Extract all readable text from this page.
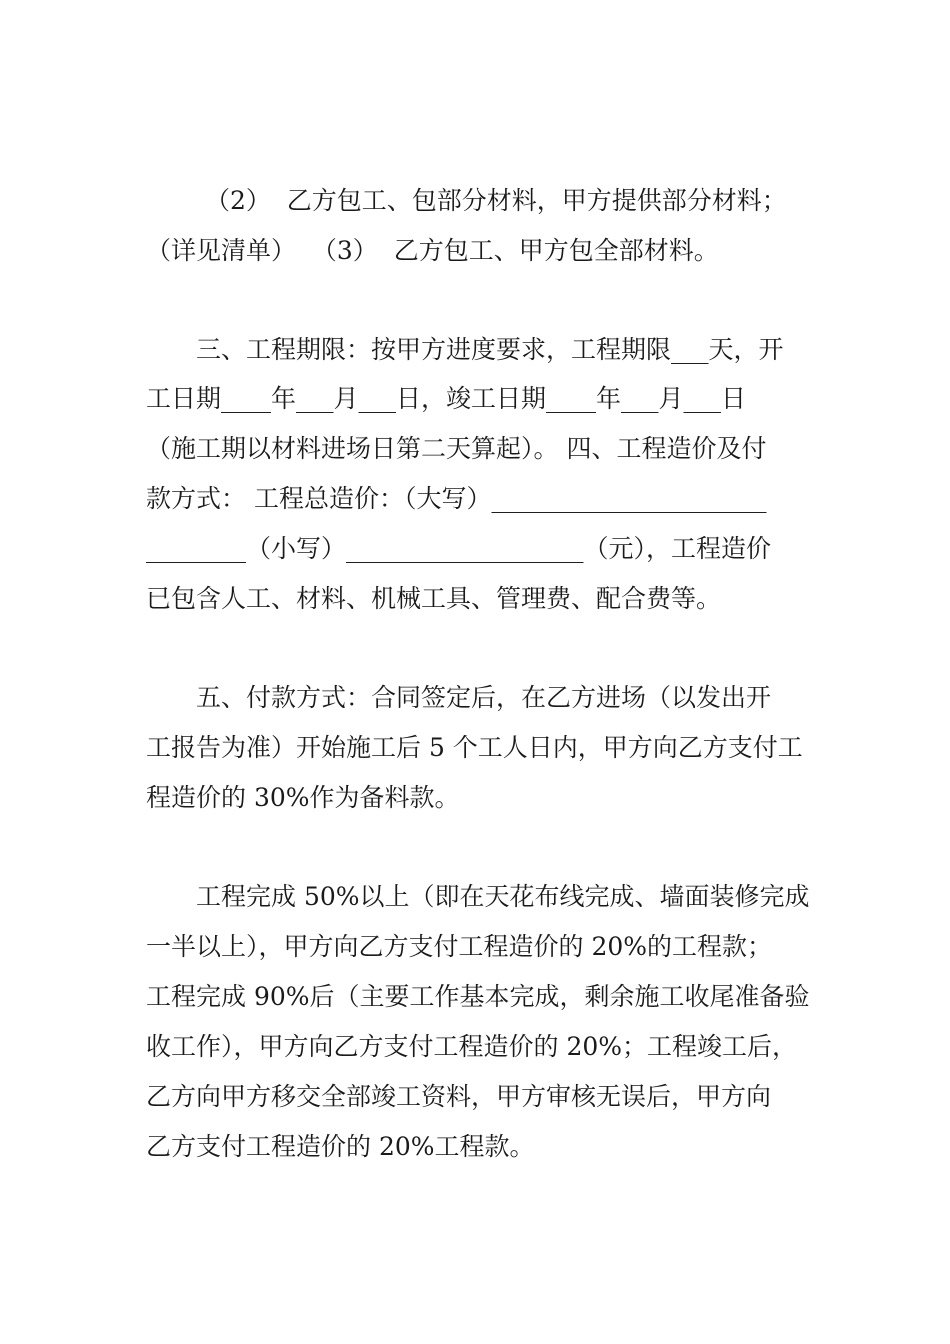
（2）  乙方包工、包部分材料，甲方提供部分材料；
（详见清单）  （3）  乙方包工、甲方包全部材料。
三、工程期限：按甲方进度要求，工程期限___天，开
工日期____年___月___日，竣工日期____年___月___日
（施工期以材料进场日第二天算起）。 四、工程造价及付
款方式： 工程总造价：（大写）______________________
________（小写）___________________（元），工程造价
已包含人工、材料、机械工具、管理费、配合费等。
五、付款方式：合同签定后，在乙方进场（以发出开
工报告为准）开始施工后 5 个工人日内，甲方向乙方支付工
程造价的 30%作为备料款。
工程完成 50%以上（即在天花布线完成、墙面装修完成
一半以上），甲方向乙方支付工程造价的 20%的工程款；
工程完成 90%后（主要工作基本完成，剩余施工收尾准备验
收工作），甲方向乙方支付工程造价的 20%；工程竣工后，
乙方向甲方移交全部竣工资料，甲方审核无误后，甲方向
乙方支付工程造价的 20%工程款。
